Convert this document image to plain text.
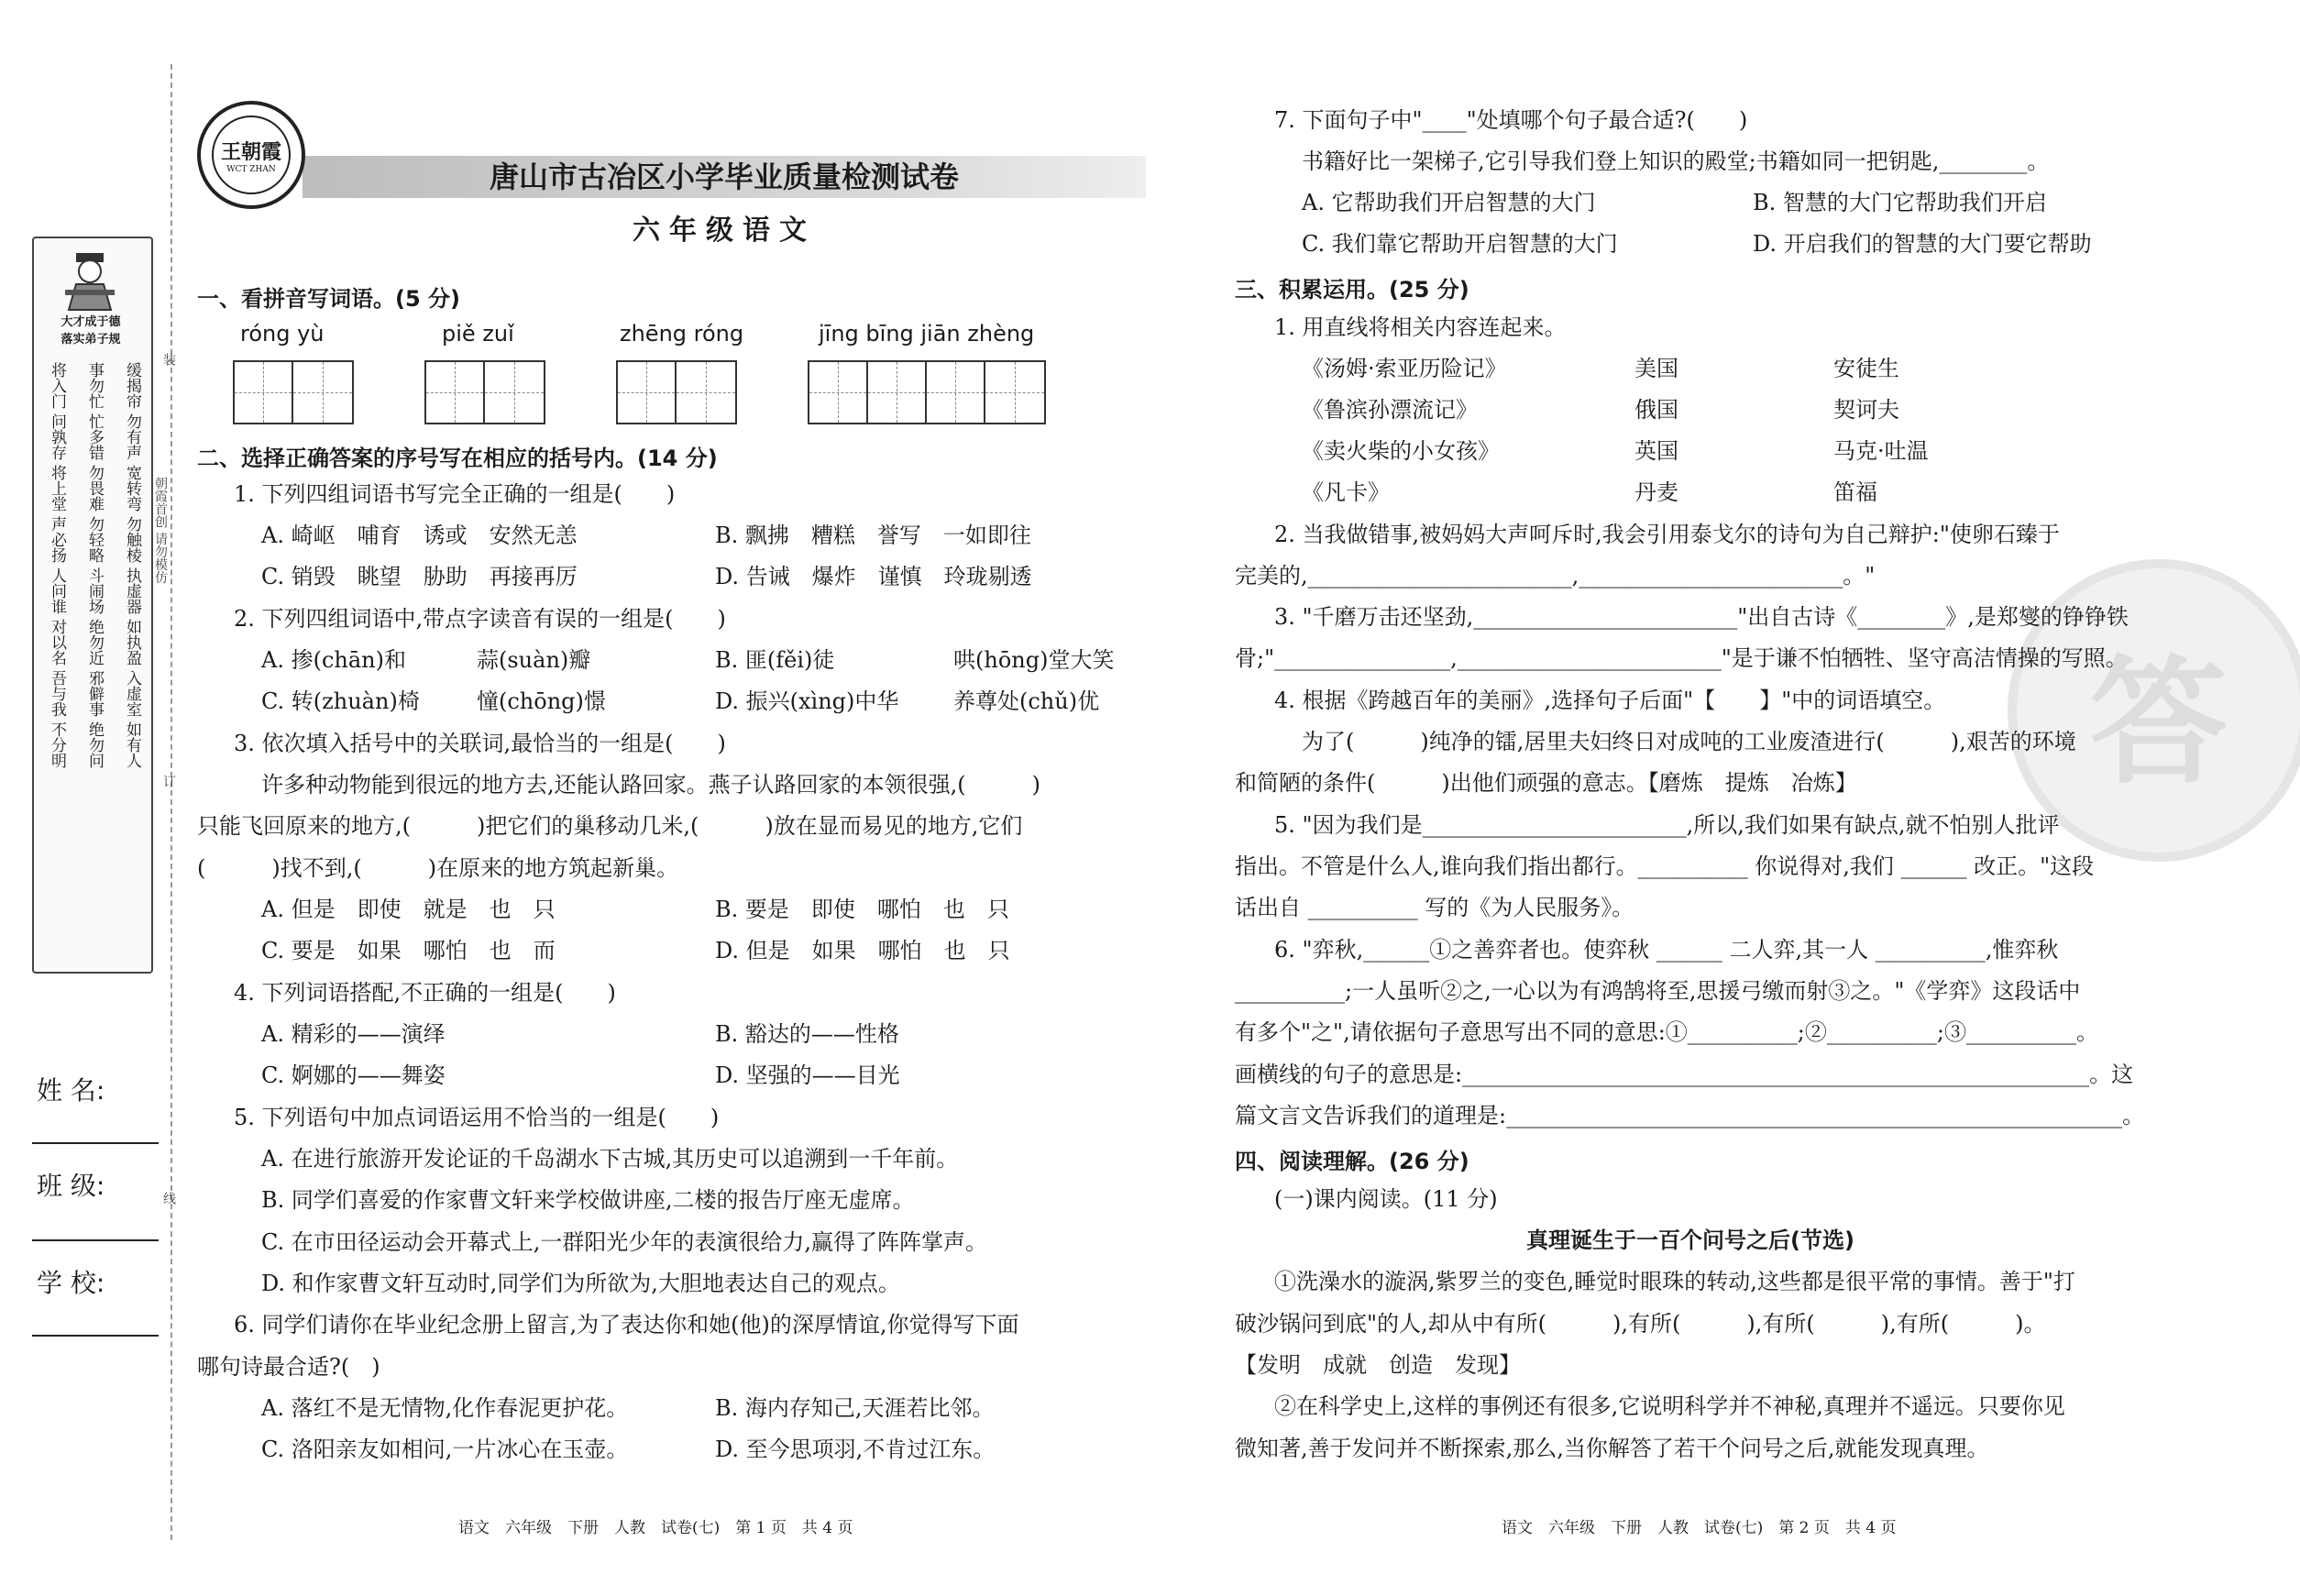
大才成于德
落实弟子规
将入门 事勿忙 缓揭帘
问孰存 忙多错 勿有声
将上堂 勿畏难 宽转弯
声必扬 勿轻略 勿触棱
人问谁 斗闹场 执虚器
对以名 绝勿近 如执盈
吾与我 邪僻事 入虚室
不分明 绝勿问 如有人
装
朝霞首创 请勿模仿
订
线
姓 名:
班 级:
学 校:
王朝霞
WCT ZHAN	唐山市古冶区小学毕业质量检测试卷
六年级语文
一、看拼音写词语。(5 分)
róng yù	piě zuǐ	zhēng róng	jīng bīng jiān zhèng
二、选择正确答案的序号写在相应的括号内。(14 分)
1. 下列四组词语书写完全正确的一组是(　　)
A. 崎岖　哺育　诱或　安然无恙	B. 飘拂　糟糕　誉写　一如即往
C. 销毁　眺望　胁助　再接再厉	D. 告诫　爆炸　谨慎　玲珑剔透
2. 下列四组词语中,带点字读音有误的一组是(　　)
A. 掺(chān)和	蒜(suàn)瓣	B. 匪(fěi)徒	哄(hōng)堂大笑
C. 转(zhuàn)椅	憧(chōng)憬	D. 振兴(xìng)中华 养尊处(chǔ)优
3. 依次填入括号中的关联词,最恰当的一组是(　　)
许多种动物能到很远的地方去,还能认路回家。燕子认路回家的本领很强,(　　　)
只能飞回原来的地方,(　　　)把它们的巢移动几米,(　　　)放在显而易见的地方,它们
(　　　)找不到,(　　　)在原来的地方筑起新巢。
A. 但是　即使　就是　也　只	B. 要是　即使　哪怕　也　只
C. 要是　如果　哪怕　也　而	D. 但是　如果　哪怕　也　只
4. 下列词语搭配,不正确的一组是(　　)
A. 精彩的——演绎	B. 豁达的——性格
C. 婀娜的——舞姿	D. 坚强的——目光
5. 下列语句中加点词语运用不恰当的一组是(　　)
A. 在进行旅游开发论证的千岛湖水下古城,其历史可以追溯到一千年前。
B. 同学们喜爱的作家曹文轩来学校做讲座,二楼的报告厅座无虚席。
C. 在市田径运动会开幕式上,一群阳光少年的表演很给力,赢得了阵阵掌声。
D. 和作家曹文轩互动时,同学们为所欲为,大胆地表达自己的观点。
6. 同学们请你在毕业纪念册上留言,为了表达你和她(他)的深厚情谊,你觉得写下面
哪句诗最合适?(　)
A. 落红不是无情物,化作春泥更护花。	B. 海内存知己,天涯若比邻。
C. 洛阳亲友如相问,一片冰心在玉壶。	D. 至今思项羽,不肯过江东。
语文　六年级　下册　人教　试卷(七)　第 1 页　共 4 页
答
7. 下面句子中"____"处填哪个句子最合适?(　　)
书籍好比一架梯子,它引导我们登上知识的殿堂;书籍如同一把钥匙,________。
A. 它帮助我们开启智慧的大门	B. 智慧的大门它帮助我们开启
C. 我们靠它帮助开启智慧的大门	D. 开启我们的智慧的大门要它帮助
三、积累运用。(25 分)
1. 用直线将相关内容连起来。
《汤姆·索亚历险记》	美国	安徒生
《鲁滨孙漂流记》	俄国	契诃夫
《卖火柴的小女孩》	英国	马克·吐温
《凡卡》	丹麦	笛福
2. 当我做错事,被妈妈大声呵斥时,我会引用泰戈尔的诗句为自己辩护:"使卵石臻于
完美的,________________________,________________________。"
3. "千磨万击还坚劲,________________________"出自古诗《________》,是郑燮的铮铮铁
骨;"________________,________________________"是于谦不怕牺牲、坚守高洁情操的写照。
4. 根据《跨越百年的美丽》,选择句子后面"【　　】"中的词语填空。
为了(　　　)纯净的镭,居里夫妇终日对成吨的工业废渣进行(　　　),艰苦的环境
和简陋的条件(　　　)出他们顽强的意志。【磨炼　提炼　冶炼】
5. "因为我们是________________________,所以,我们如果有缺点,就不怕别人批评
指出。不管是什么人,谁向我们指出都行。__________ 你说得对,我们 ______ 改正。"这段
话出自 __________ 写的《为人民服务》。
6. "弈秋,______①之善弈者也。使弈秋 ______ 二人弈,其一人 __________,惟弈秋
__________;一人虽听②之,一心以为有鸿鹄将至,思援弓缴而射③之。"《学弈》这段话中
有多个"之",请依据句子意思写出不同的意思:①__________;②__________;③__________。
画横线的句子的意思是:_________________________________________________________。这
篇文言文告诉我们的道理是:________________________________________________________。
四、阅读理解。(26 分)
(一)课内阅读。(11 分)
真理诞生于一百个问号之后(节选)
①洗澡水的漩涡,紫罗兰的变色,睡觉时眼珠的转动,这些都是很平常的事情。善于"打
破沙锅问到底"的人,却从中有所(　　　),有所(　　　),有所(　　　),有所(　　　)。
【发明　成就　创造　发现】
②在科学史上,这样的事例还有很多,它说明科学并不神秘,真理并不遥远。只要你见
微知著,善于发问并不断探索,那么,当你解答了若干个问号之后,就能发现真理。
语文　六年级　下册　人教　试卷(七)　第 2 页　共 4 页
